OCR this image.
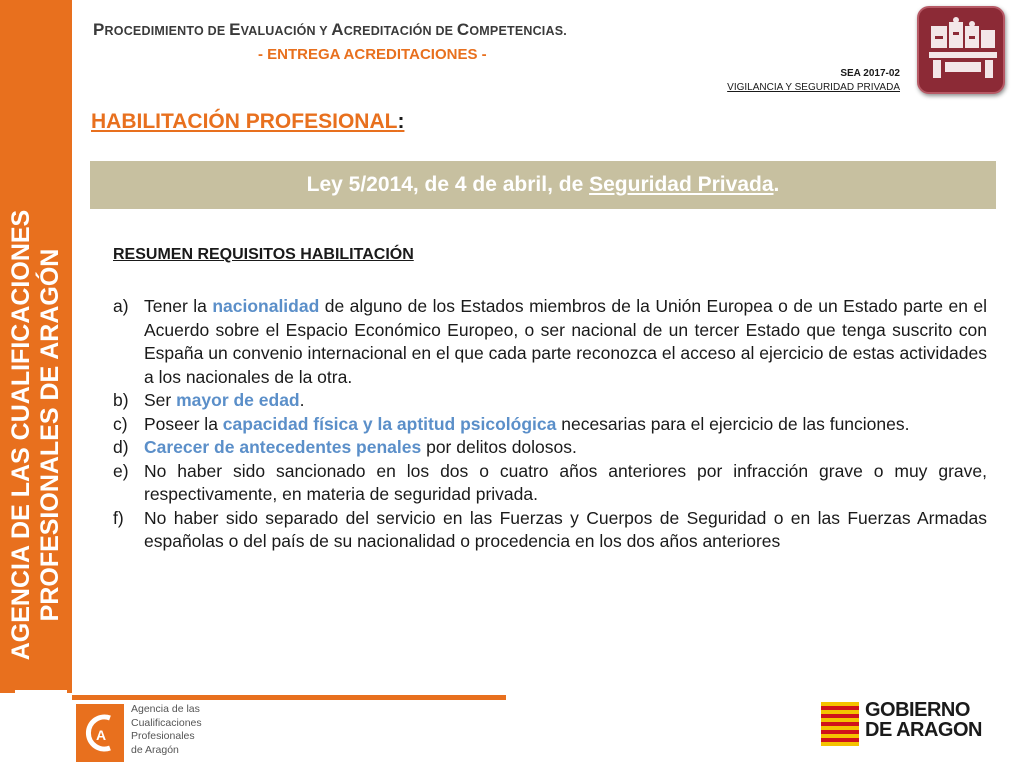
AGENCIA DE LAS CUALIFICACIONES PROFESIONALES DE ARAGÓN
PROCEDIMIENTO DE EVALUACIÓN Y ACREDITACIÓN DE COMPETENCIAS.
- ENTREGA ACREDITACIONES -
SEA 2017-02
VIGILANCIA Y SEGURIDAD PRIVADA
HABILITACIÓN PROFESIONAL:
Ley 5/2014, de 4 de abril, de Seguridad Privada .
RESUMEN REQUISITOS HABILITACIÓN
a) Tener la nacionalidad de alguno de los Estados miembros de la Unión Europea o de un Estado parte en el Acuerdo sobre el Espacio Económico Europeo, o ser nacional de un tercer Estado que tenga suscrito con España un convenio internacional en el que cada parte reconozca el acceso al ejercicio de estas actividades a los nacionales de la otra.
b) Ser mayor de edad.
c) Poseer la capacidad física y la aptitud psicológica necesarias para el ejercicio de las funciones.
d) Carecer de antecedentes penales por delitos dolosos.
e) No haber sido sancionado en los dos o cuatro años anteriores por infracción grave o muy grave, respectivamente, en materia de seguridad privada.
f) No haber sido separado del servicio en las Fuerzas y Cuerpos de Seguridad o en las Fuerzas Armadas españolas o del país de su nacionalidad o procedencia en los dos años anteriores
A
Agencia de las
Cualificaciones
Profesionales
de Aragón
GOBIERNO
DE ARAGON
